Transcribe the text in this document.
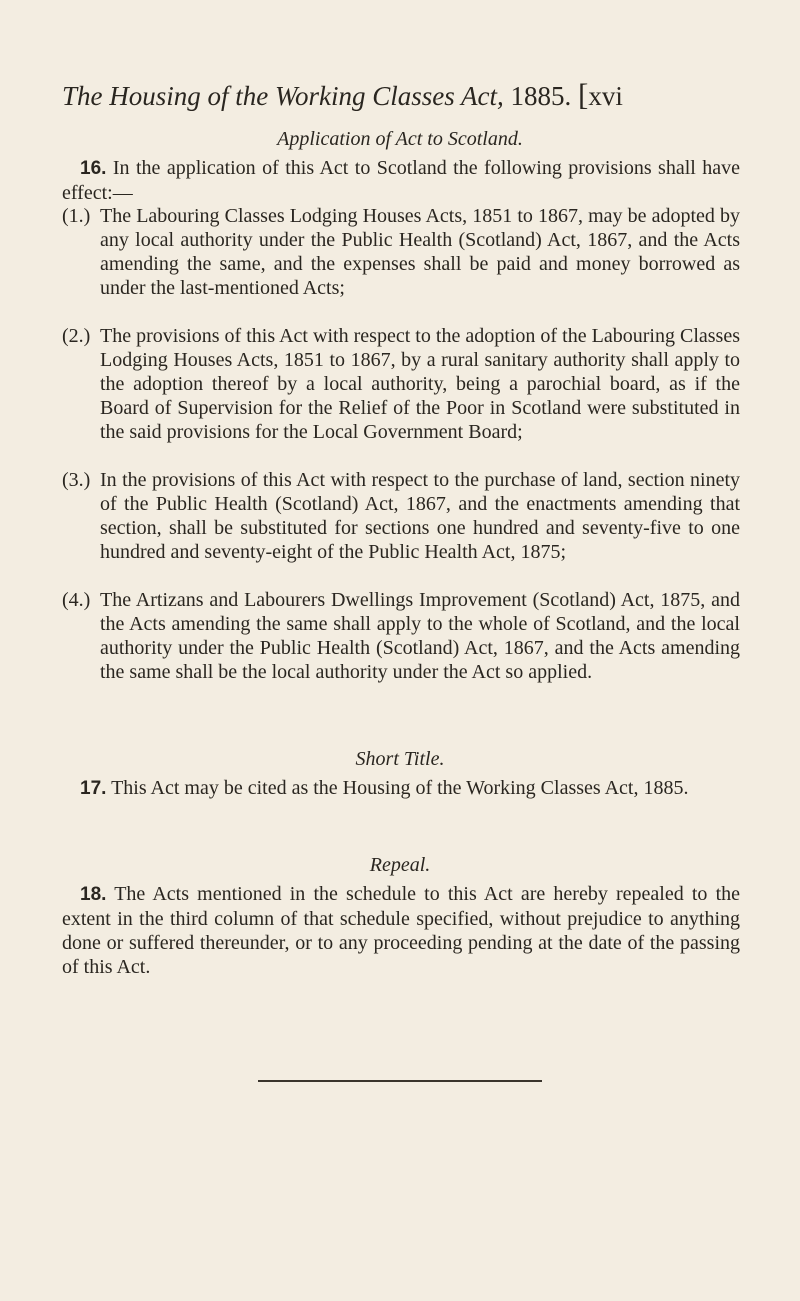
The Housing of the Working Classes Act, 1885. [xvi
Application of Act to Scotland.
16. In the application of this Act to Scotland the following provisions shall have effect:—
(1.) The Labouring Classes Lodging Houses Acts, 1851 to 1867, may be adopted by any local authority under the Public Health (Scotland) Act, 1867, and the Acts amending the same, and the expenses shall be paid and money borrowed as under the last-mentioned Acts;
(2.) The provisions of this Act with respect to the adoption of the Labouring Classes Lodging Houses Acts, 1851 to 1867, by a rural sanitary authority shall apply to the adoption thereof by a local authority, being a parochial board, as if the Board of Supervision for the Relief of the Poor in Scotland were substituted in the said provisions for the Local Government Board;
(3.) In the provisions of this Act with respect to the purchase of land, section ninety of the Public Health (Scotland) Act, 1867, and the enactments amending that section, shall be substituted for sections one hundred and seventy-five to one hundred and seventy-eight of the Public Health Act, 1875;
(4.) The Artizans and Labourers Dwellings Improvement (Scotland) Act, 1875, and the Acts amending the same shall apply to the whole of Scotland, and the local authority under the Public Health (Scotland) Act, 1867, and the Acts amending the same shall be the local authority under the Act so applied.
Short Title.
17. This Act may be cited as the Housing of the Working Classes Act, 1885.
Repeal.
18. The Acts mentioned in the schedule to this Act are hereby repealed to the extent in the third column of that schedule specified, without prejudice to anything done or suffered thereunder, or to any proceeding pending at the date of the passing of this Act.
